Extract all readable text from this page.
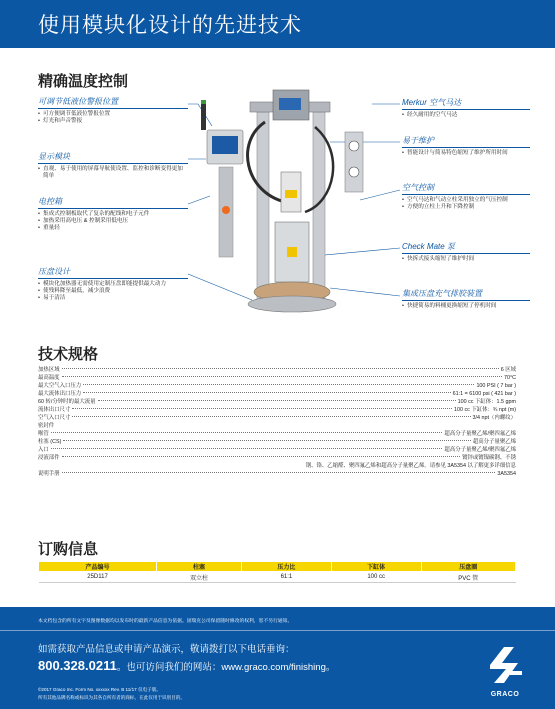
使用模块化设计的先进技术
精确温度控制
可调节低液位警报位置
• 可方便调节低液位警报位置
• 灯光和声音警报
显示模块
• 直观、易于使用的屏幕导航使设置、监控和诊断变得更加简单
电控箱
• 集成式控制板取代了复杂的配线和电子元件
• 加热采用高电压 & 控制采用低电压
• 重量轻
压盘设计
• 模块化加热器无需使用定制压盘即能提供最大动力
• 使残料降至最低，减少浪费
• 易于清洁
Merkur 空气马达
• 经久耐用的空气马达
易于维护
• 智能设计与简易特色缩短了维护所用时间
空气控制
• 空气马达和气动立柱采用独立的气压控制
• 方便的立柱上升和下降控制
Check Mate 泵
• 快拆式接头缩短了维护时间
集成压盘充气排胶装置
• 快捷简易的料桶更换缩短了停机时间
技术规格
加热区域	6 区域
最高温度	70°C
最大空气入口压力	100 PSI ( 7 bar )
最大流体出口压力	61:1 = 6100 psi ( 421 bar )
60 转/分钟时的最大流量	100 cc 下缸体：1.5 gpm
流体出口尺寸	100 cc 下缸体：¾ npt (m)
空气入口尺寸	3/4 npt（内螺纹）
密封件
喉管	超高分子量聚乙烯/聚四氟乙烯
柱塞 (CS)	超高分子量聚乙烯
入口	超高分子量聚乙烯/聚四氟乙烯
浸液部件	镀锌或镀镍碳钢、不锈
钢、铬、乙缩醛、聚四氟乙烯和超高分子量聚乙烯。请参见 3A5354 以了解更多详细信息
说明手册	3A5354
订购信息
产品编号	柱塞	压力比	下缸体	压盘圈
25D117	双立柱	61:1	100 cc	PVC 管
本文档包含的所有文字及图像数据均以发布时的最新产品信息为依据。固瑞克公司保留随时修改的权利，恕不另行通知。
如需获取产品信息或申请产品演示，敬请拨打以下电话垂询：
800.328.0211。也可访问我们的网站：www.graco.com/finishing。
©2017 Graco Inc. Form No. xxxxxx Rev. B 11/17 仅电子版。
所有其他品牌名称或标识为其各自所有者的商标，在此仅用于识别目的。	GRACO
